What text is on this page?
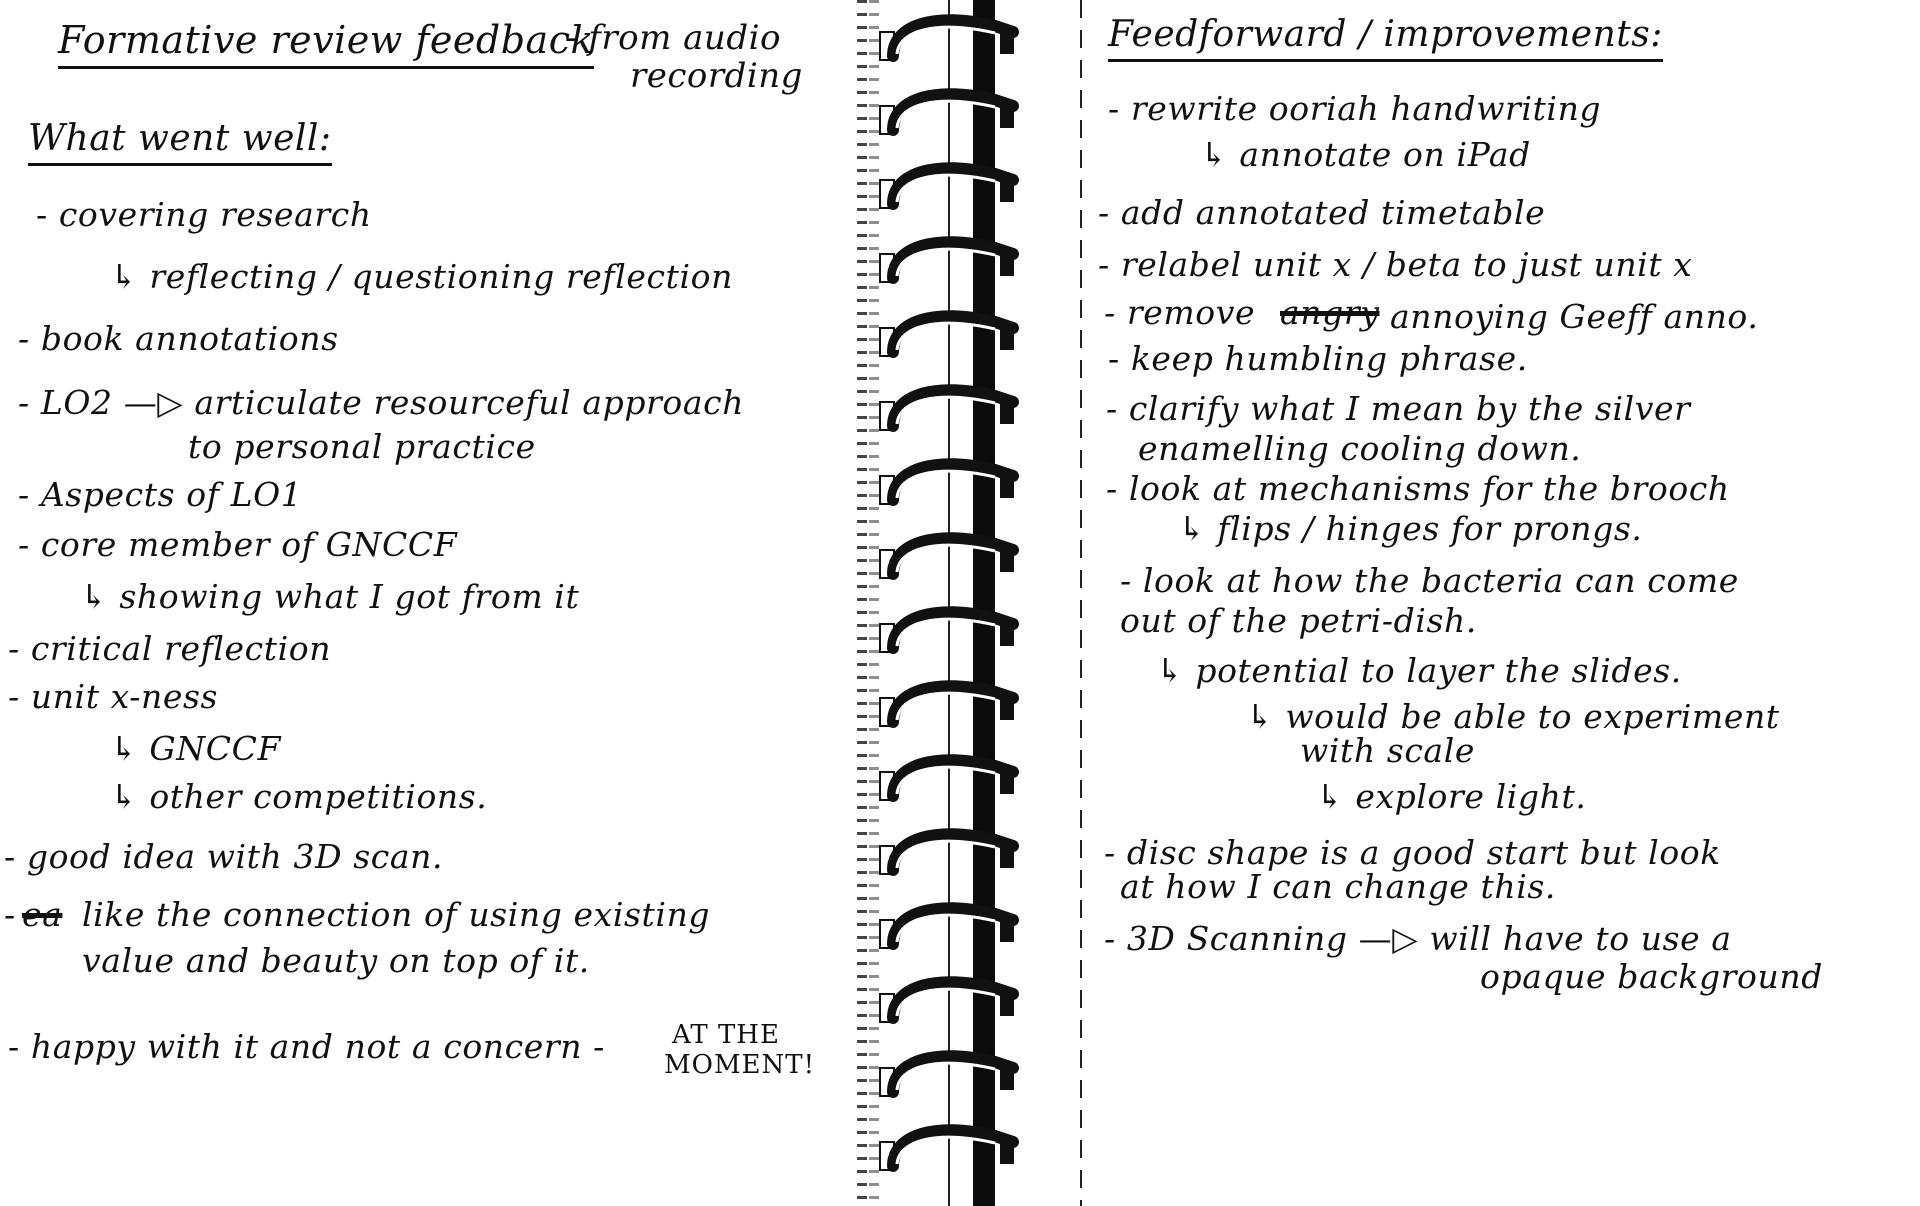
Formative review feedback
- from audio
recording
What went well:
- covering research
↳ reflecting / questioning reflection
- book annotations
- LO2 —▷ articulate resourceful approach
to personal practice
- Aspects of LO1
- core member of GNCCF
↳ showing what I got from it
- critical reflection
- unit x-ness
↳ GNCCF
↳ other competitions.
- good idea with 3D scan.
- ea like the connection of using existing
value and beauty on top of it.
- happy with it and not a concern -	AT THE
MOMENT!
Feedforward / improvements:
- rewrite ooriah handwriting
↳ annotate on iPad
- add annotated timetable
- relabel unit x / beta to just unit x
- remove angry annoying Geeff anno.
- keep humbling phrase.
- clarify what I mean by the silver
enamelling cooling down.
- look at mechanisms for the brooch
↳ flips / hinges for prongs.
- look at how the bacteria can come
out of the petri-dish.
↳ potential to layer the slides.
↳ would be able to experiment
with scale
↳ explore light.
- disc shape is a good start but look
at how I can change this.
- 3D Scanning —▷ will have to use a
opaque background
